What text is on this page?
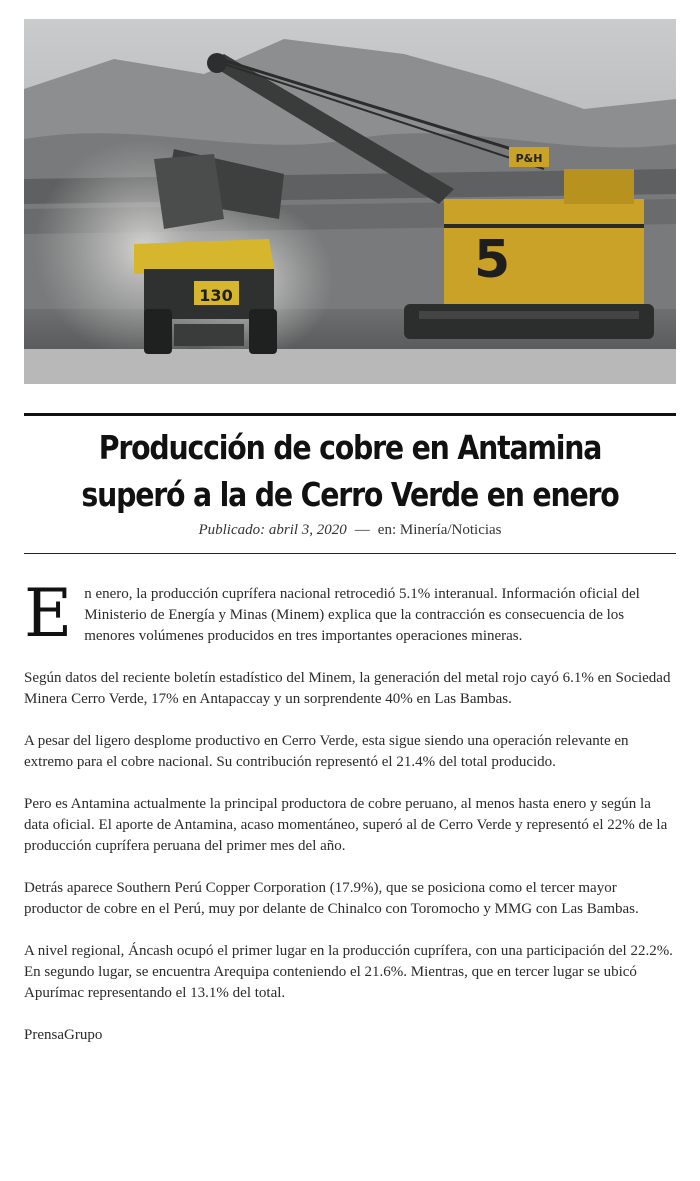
P&H
5
130
Producción de cobre en Antamina superó a la de Cerro Verde en enero
Publicado: abril 3, 2020 — en: Minería/Noticias

En enero, la producción cuprífera nacional retrocedió 5.1% interanual. Información oficial del Ministerio de Energía y Minas (Minem) explica que la contracción es consecuencia de los menores volúmenes producidos en tres importantes operaciones mineras.

Según datos del reciente boletín estadístico del Minem, la generación del metal rojo cayó 6.1% en Sociedad Minera Cerro Verde, 17% en Antapaccay y un sorprendente 40% en Las Bambas.

A pesar del ligero desplome productivo en Cerro Verde, esta sigue siendo una operación relevante en extremo para el cobre nacional. Su contribución representó el 21.4% del total producido.

Pero es Antamina actualmente la principal productora de cobre peruano, al menos hasta enero y según la data oficial. El aporte de Antamina, acaso momentáneo, superó al de Cerro Verde y representó el 22% de la producción cuprífera peruana del primer mes del año.

Detrás aparece Southern Perú Copper Corporation (17.9%), que se posiciona como el tercer mayor productor de cobre en el Perú, muy por delante de Chinalco con Toromocho y MMG con Las Bambas.

A nivel regional, Áncash ocupó el primer lugar en la producción cuprífera, con una participación del 22.2%. En segundo lugar, se encuentra Arequipa conteniendo el 21.6%. Mientras, que en tercer lugar se ubicó Apurímac representando el 13.1% del total.

PrensaGrupo
